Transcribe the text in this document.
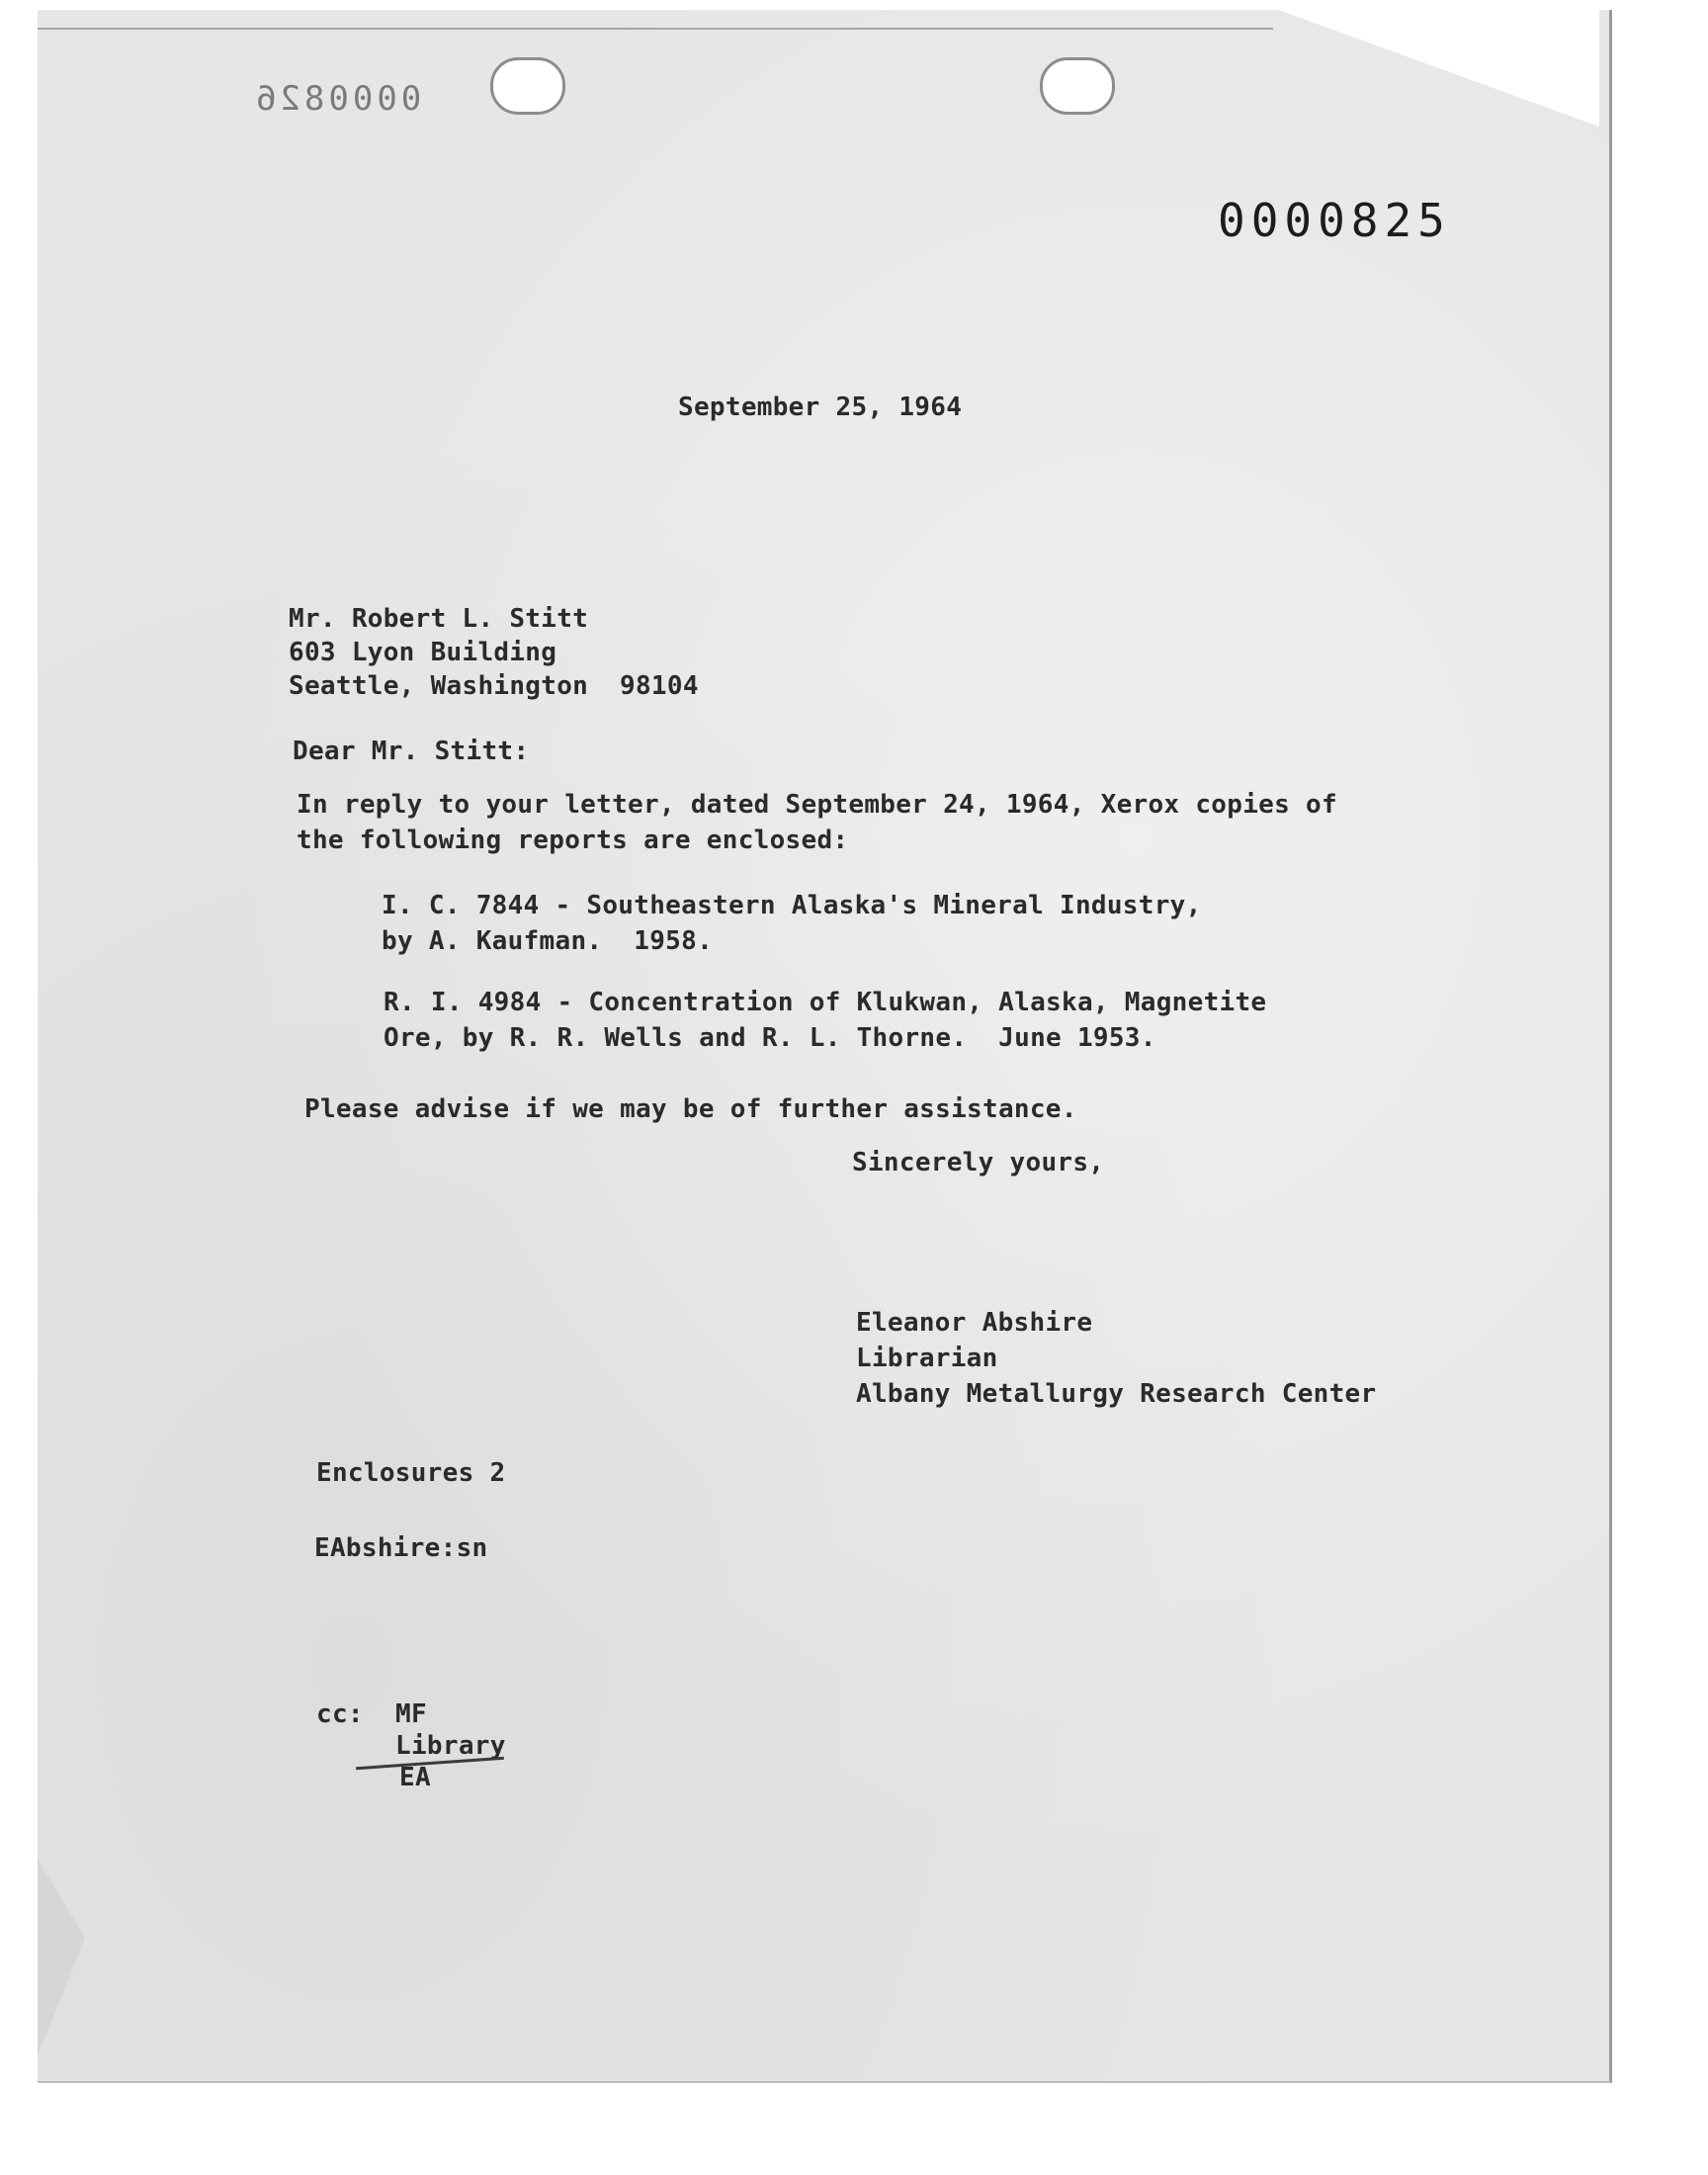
0000826

0000825

September 25, 1964

Mr. Robert L. Stitt

603 Lyon Building

Seattle, Washington  98104

Dear Mr. Stitt:

In reply to your letter, dated September 24, 1964, Xerox copies of

the following reports are enclosed:

I. C. 7844 - Southeastern Alaska's Mineral Industry,

by A. Kaufman.  1958.

R. I. 4984 - Concentration of Klukwan, Alaska, Magnetite

Ore, by R. R. Wells and R. L. Thorne.  June 1953.

Please advise if we may be of further assistance.

Sincerely yours,

Eleanor Abshire

Librarian

Albany Metallurgy Research Center

Enclosures 2

EAbshire:sn

cc: MF

Library

EA
